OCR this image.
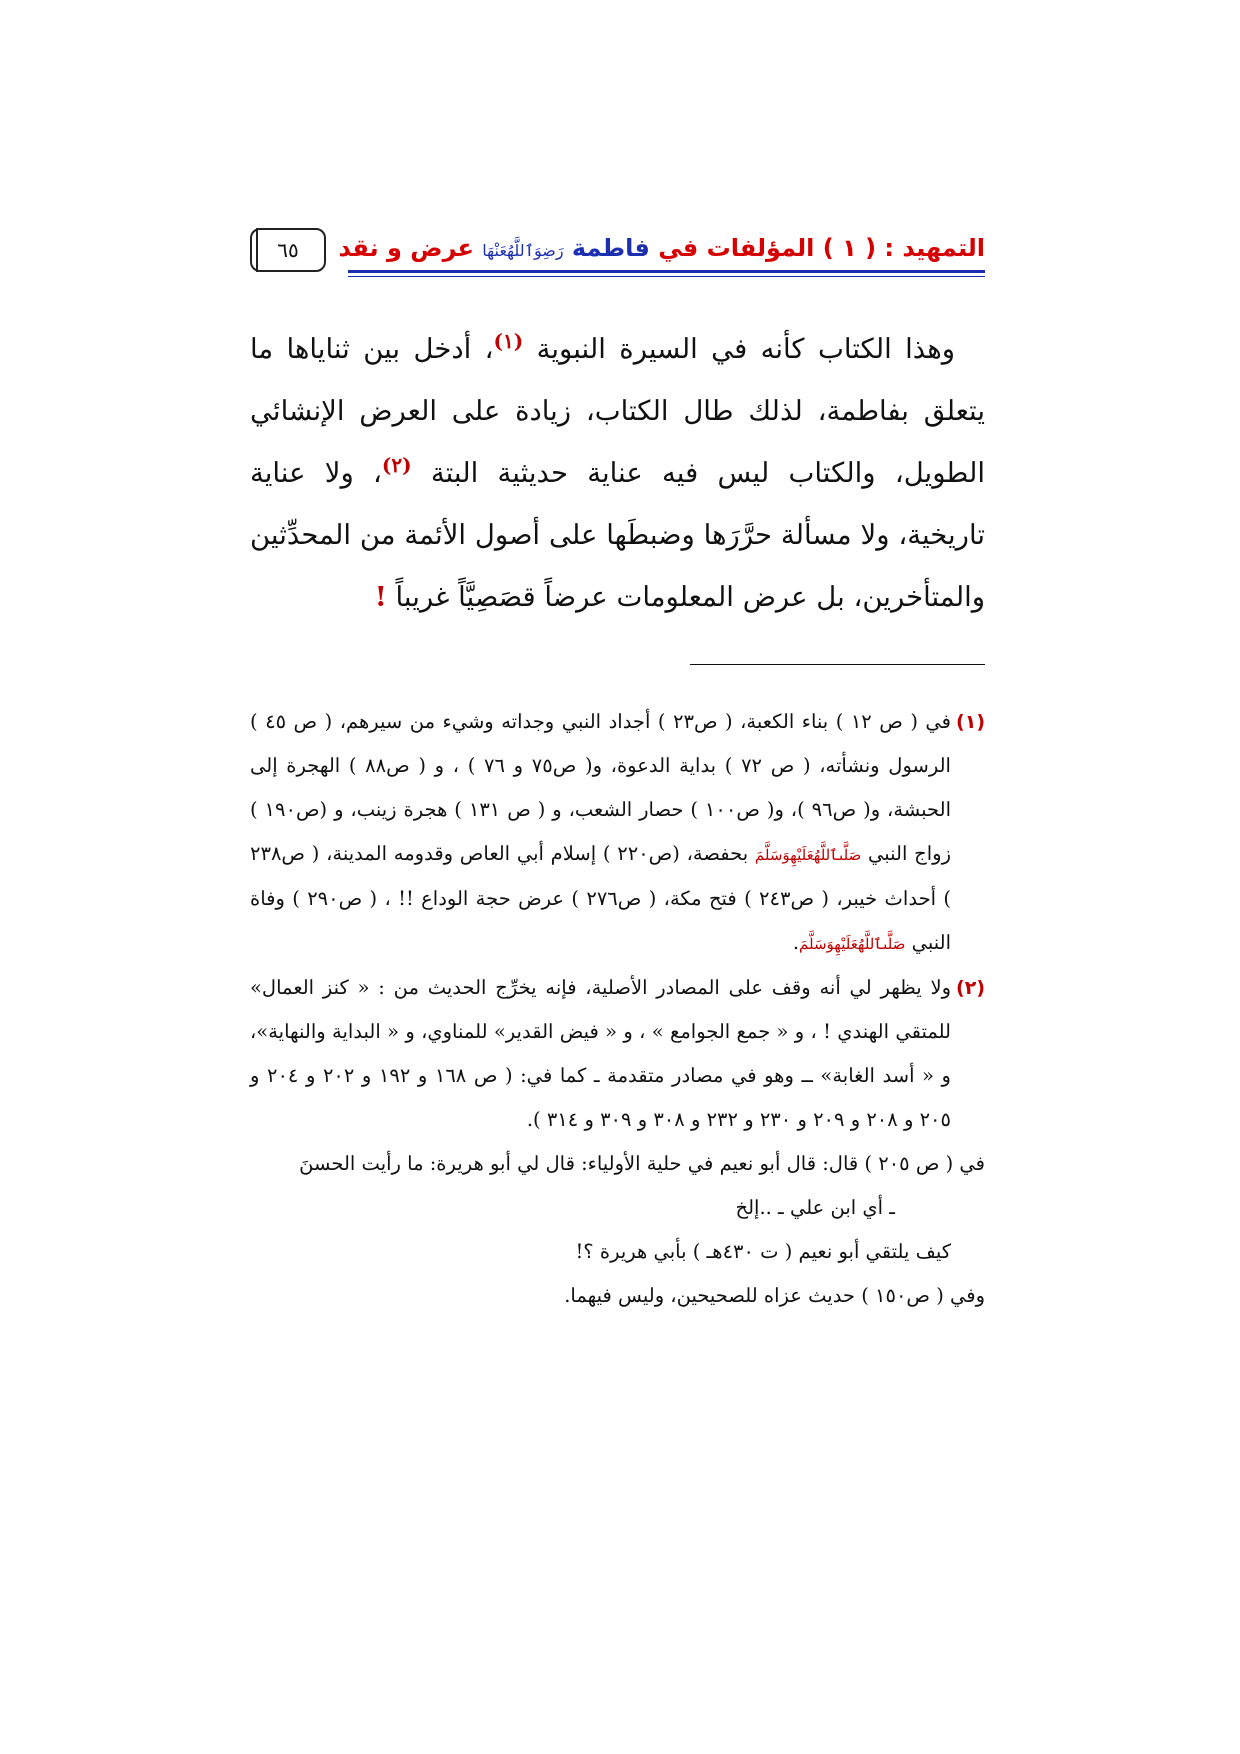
٦٥	التمهيد : ( ١ ) المؤلفات في فاطمة رَضِوَٱللَّهُعَنْهَا عرض و نقد

وهذا الكتاب كأنه في السيرة النبوية $^{(١)}$، أدخل بين ثناياها ما يتعلق بفاطمة، لذلك طال الكتاب، زيادة على العرض الإنشائي الطويل، والكتاب ليس فيه عناية حديثية البتة $^{(٢)}$، ولا عناية تاريخية، ولا مسألة حرَّرَها وضبطَها على أصول الأئمة من المحدِّثين والمتأخرين، بل عرض المعلومات عرضاً قصَصِيَّاً غريباً !

(١)
في ( ص ١٢ ) بناء الكعبة، ( ص٢٣ ) أجداد النبي وجداته وشيء من سيرهم، ( ص ٤٥ ) الرسول ونشأته، ( ص ٧٢ ) بداية الدعوة، و( ص٧٥ و ٧٦ ) ، و ( ص٨٨ ) الهجرة إلى الحبشة، و( ص٩٦ )، و( ص١٠٠ ) حصار الشعب، و ( ص ١٣١ ) هجرة زينب، و (ص١٩٠ ) زواج النبي صَلَّىٱللَّهُعَلَيْهِوَسَلَّمَ بحفصة، (ص٢٢٠ ) إسلام أبي العاص وقدومه المدينة، ( ص٢٣٨ ) أحداث خيبر، ( ص٢٤٣ ) فتح مكة، ( ص٢٧٦ ) عرض حجة الوداع !! ، ( ص٢٩٠ ) وفاة النبي صَلَّىٱللَّهُعَلَيْهِوَسَلَّمَ.
(٢)
ولا يظهر لي أنه وقف على المصادر الأصلية، فإنه يخرِّج الحديث من : « كنز العمال» للمتقي الهندي ! ، و « جمع الجوامع » ، و « فيض القدير» للمناوي، و « البداية والنهاية»، و « أسد الغابة» ــ وهو في مصادر متقدمة ـ كما في: ( ص ١٦٨ و ١٩٢ و ٢٠٢ و ٢٠٤ و ٢٠٥ و ٢٠٨ و ٢٠٩ و ٢٣٠ و ٢٣٢ و ٣٠٨ و ٣٠٩ و ٣١٤ ).
في ( ص ٢٠٥ ) قال: قال أبو نعيم في حلية الأولياء: قال لي أبو هريرة: ما رأيت الحسنَ
ـ أي ابن علي ـ ..إلخ
كيف يلتقي أبو نعيم ( ت ٤٣٠هـ ) بأبي هريرة ؟!
وفي ( ص١٥٠ ) حديث عزاه للصحيحين، وليس فيهما.
